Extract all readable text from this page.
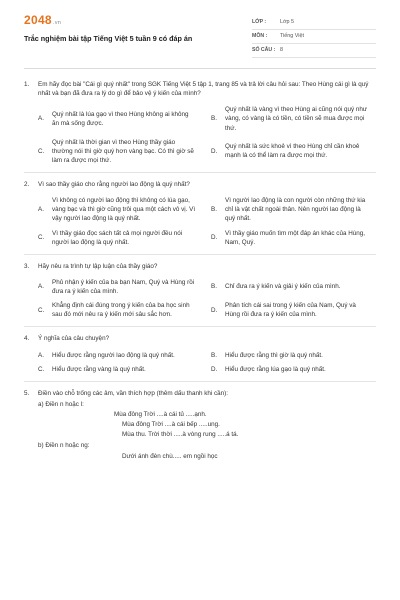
2048.vn
Trắc nghiệm bài tập Tiếng Việt 5 tuần 9 có đáp án
LỚP :	Lớp 5
MÔN :	Tiếng Việt
SỐ CÂU : 8
1.	Em hãy đọc bài "Cái gì quý nhất" trong SGK Tiếng Việt 5 tập 1, trang 85 và trả lời câu hỏi sau: Theo Hùng cái gì là quý nhất và bạn đã đưa ra lý do gì để bảo vệ ý kiến của mình?
A.
Quý nhất là lúa gạo vì theo Hùng không ai không ăn mà sống được.
B.
Quý nhất là vàng vì theo Hùng ai cũng nói quý như vàng, có vàng là có tiền, có tiền sẽ mua được mọi thứ.
C.
Quý nhất là thời gian vì theo Hùng thầy giáo thường nói thì giờ quý hơn vàng bạc. Có thì giờ sẽ làm ra được mọi thứ.
D.
Quý nhất là sức khoẻ vì theo Hùng chỉ cần khoẻ mạnh là có thể làm ra được mọi thứ.
2.	Vì sao thầy giáo cho rằng người lao động là quý nhất?
A.
Vì không có người lao động thì không có lúa gạo, vàng bạc và thì giờ cũng trôi qua một cách vô vị. Vì vậy người lao động là quý nhất.
B.
Vì người lao động là con người còn những thứ kia chỉ là vật chất ngoài thân. Nên người lao động là quý nhất.
C.
Vì thầy giáo đọc sách tất cả mọi người đều nói người lao động là quý nhất.
D.
Vì thầy giáo muốn tìm một đáp án khác của Hùng, Nam, Quý.
3.	Hãy nêu ra trình tự lập luận của thầy giáo?
A.
Phủ nhận ý kiến của ba bạn Nam, Quý và Hùng rồi đưa ra ý kiến của mình.
B.	Chỉ đưa ra ý kiến và giải ý kiến của mình.
C.
Khẳng định cái đúng trong ý kiến của ba học sinh sau đó mới nêu ra ý kiến mới sâu sắc hơn.
D.
Phân tích cái sai trong ý kiến của Nam, Quý và Hùng rồi đưa ra ý kiến của mình.
4.	Ý nghĩa của câu chuyện?
A.	Hiểu được rằng người lao động là quý nhất.	B.	Hiểu được rằng thì giờ là quý nhất.
C.	Hiểu được rằng vàng là quý nhất.	D.	Hiểu được rằng lúa gạo là quý nhất.
5.	Điền vào chỗ trống các âm, vần thích hợp (thêm dấu thanh khi cần):
a) Điền n hoặc l:
Mùa đông Trời ....à cái tủ .....ạnh.
Mùa đông Trời ....à cái bếp .....ung.
Mùa thu. Trời thời .....à vòng rung .....á tá.
b) Điền n hoặc ng:
Dưới ánh đèn chù..... em ngồi học
